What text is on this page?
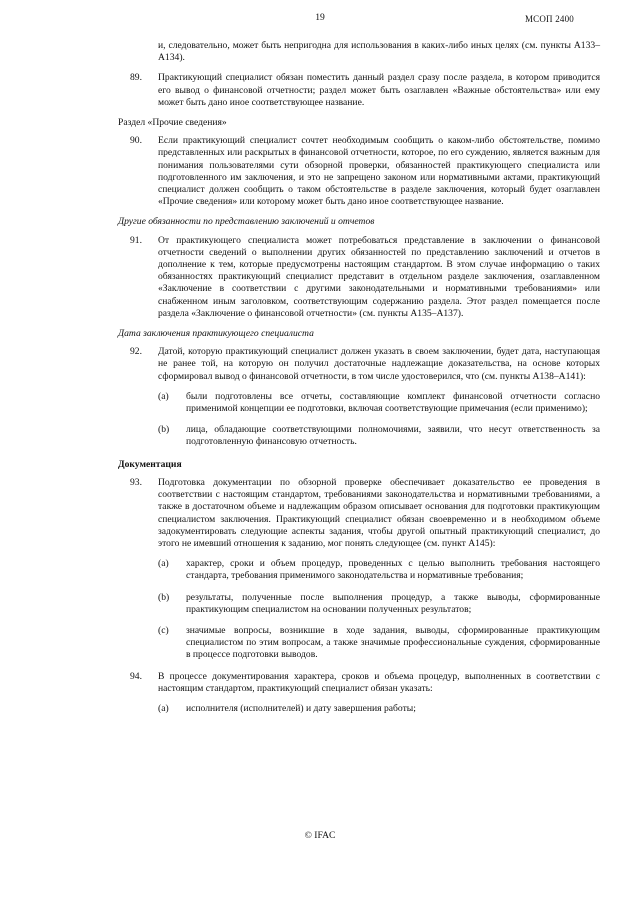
19	МСОП 2400
и, следовательно, может быть непригодна для использования в каких-либо иных целях (см. пункты A133–A134).
89. Практикующий специалист обязан поместить данный раздел сразу после раздела, в котором приводится его вывод о финансовой отчетности; раздел может быть озаглавлен «Важные обстоятельства» или ему может быть дано иное соответствующее название.
Раздел «Прочие сведения»
90. Если практикующий специалист сочтет необходимым сообщить о каком-либо обстоятельстве, помимо представленных или раскрытых в финансовой отчетности, которое, по его суждению, является важным для понимания пользователями сути обзорной проверки, обязанностей практикующего специалиста или подготовленного им заключения, и это не запрещено законом или нормативными актами, практикующий специалист должен сообщить о таком обстоятельстве в разделе заключения, который будет озаглавлен «Прочие сведения» или которому может быть дано иное соответствующее название.
Другие обязанности по представлению заключений и отчетов
91. От практикующего специалиста может потребоваться представление в заключении о финансовой отчетности сведений о выполнении других обязанностей по представлению заключений и отчетов в дополнение к тем, которые предусмотрены настоящим стандартом. В этом случае информацию о таких обязанностях практикующий специалист представит в отдельном разделе заключения, озаглавленном «Заключение в соответствии с другими законодательными и нормативными требованиями» или снабженном иным заголовком, соответствующим содержанию раздела. Этот раздел помещается после раздела «Заключение о финансовой отчетности» (см. пункты A135–A137).
Дата заключения практикующего специалиста
92. Датой, которую практикующий специалист должен указать в своем заключении, будет дата, наступающая не ранее той, на которую он получил достаточные надлежащие доказательства, на основе которых сформировал вывод о финансовой отчетности, в том числе удостоверился, что (см. пункты A138–A141):
(a) были подготовлены все отчеты, составляющие комплект финансовой отчетности согласно применимой концепции ее подготовки, включая соответствующие примечания (если применимо);
(b) лица, обладающие соответствующими полномочиями, заявили, что несут ответственность за подготовленную финансовую отчетность.
Документация
93. Подготовка документации по обзорной проверке обеспечивает доказательство ее проведения в соответствии с настоящим стандартом, требованиями законодательства и нормативными требованиями, а также в достаточном объеме и надлежащим образом описывает основания для подготовки практикующим специалистом заключения. Практикующий специалист обязан своевременно и в необходимом объеме задокументировать следующие аспекты задания, чтобы другой опытный практикующий специалист, до этого не имевший отношения к заданию, мог понять следующее (см. пункт A145):
(a) характер, сроки и объем процедур, проведенных с целью выполнить требования настоящего стандарта, требования применимого законодательства и нормативные требования;
(b) результаты, полученные после выполнения процедур, а также выводы, сформированные практикующим специалистом на основании полученных результатов;
(c) значимые вопросы, возникшие в ходе задания, выводы, сформированные практикующим специалистом по этим вопросам, а также значимые профессиональные суждения, сформированные в процессе подготовки выводов.
94. В процессе документирования характера, сроков и объема процедур, выполненных в соответствии с настоящим стандартом, практикующий специалист обязан указать:
(a) исполнителя (исполнителей) и дату завершения работы;
© IFAC
